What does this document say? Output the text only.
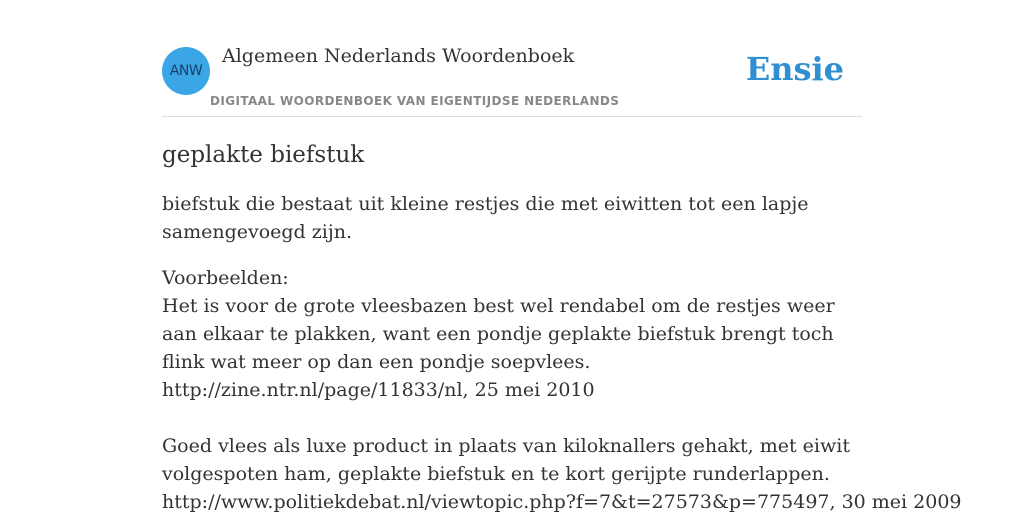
ANW
Algemeen Nederlands Woordenboek
DIGITAAL WOORDENBOEK VAN EIGENTIJDSE NEDERLANDS
Ensie
geplakte biefstuk

biefstuk die bestaat uit kleine restjes die met eiwitten tot een lapje samengevoegd zijn.

Voorbeelden:
Het is voor de grote vleesbazen best wel rendabel om de restjes weer aan elkaar te plakken, want een pondje geplakte biefstuk brengt toch flink wat meer op dan een pondje soepvlees.
http://zine.ntr.nl/page/11833/nl, 25 mei 2010
Goed vlees als luxe product in plaats van kiloknallers gehakt, met eiwit volgespoten ham, geplakte biefstuk en te kort gerijpte runderlappen.
http://www.politiekdebat.nl/viewtopic.php?f=7&t=27573&p=775497, 30 mei 2009
